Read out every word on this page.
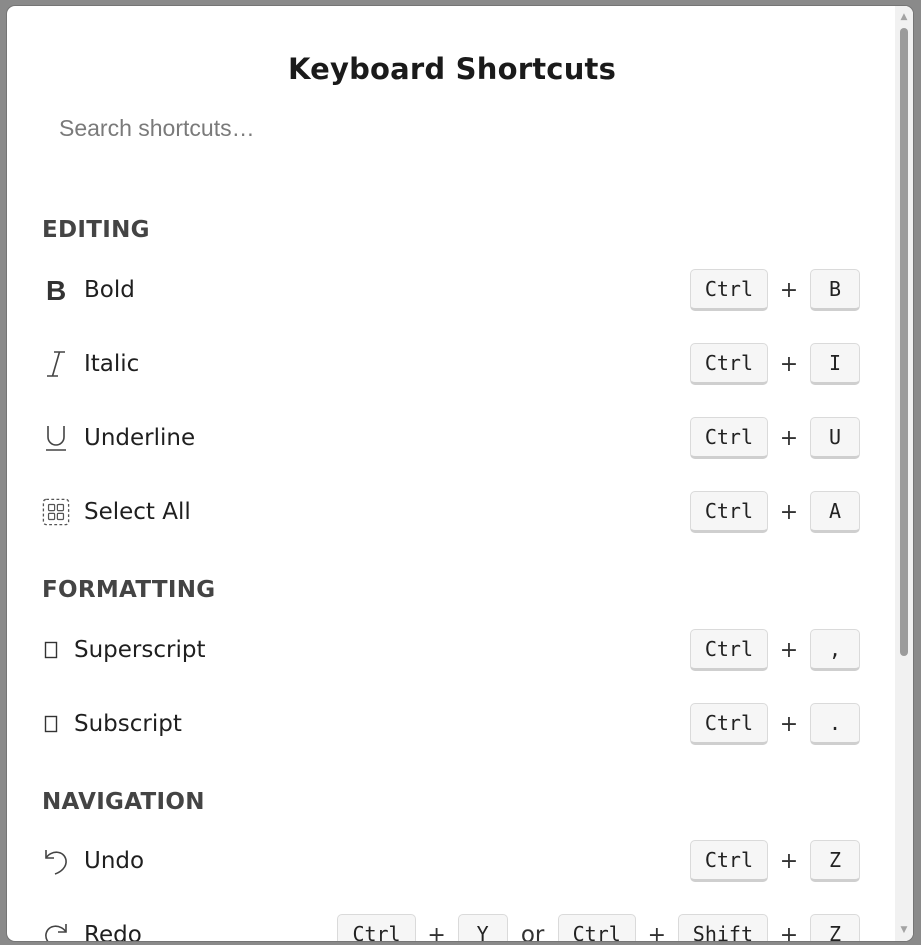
Keyboard Shortcuts
Search shortcuts…
EDITING
B Bold	Ctrl	+	B
Italic	Ctrl	+	I
Underline	Ctrl	+	U
Select All	Ctrl	+	A
FORMATTING
Superscript	Ctrl	+	,
Subscript	Ctrl	+	.
NAVIGATION
Undo	Ctrl	+	Z
Redo	Ctrl	+	Y	or	Ctrl	+	Shift	+	Z
▲
▼
